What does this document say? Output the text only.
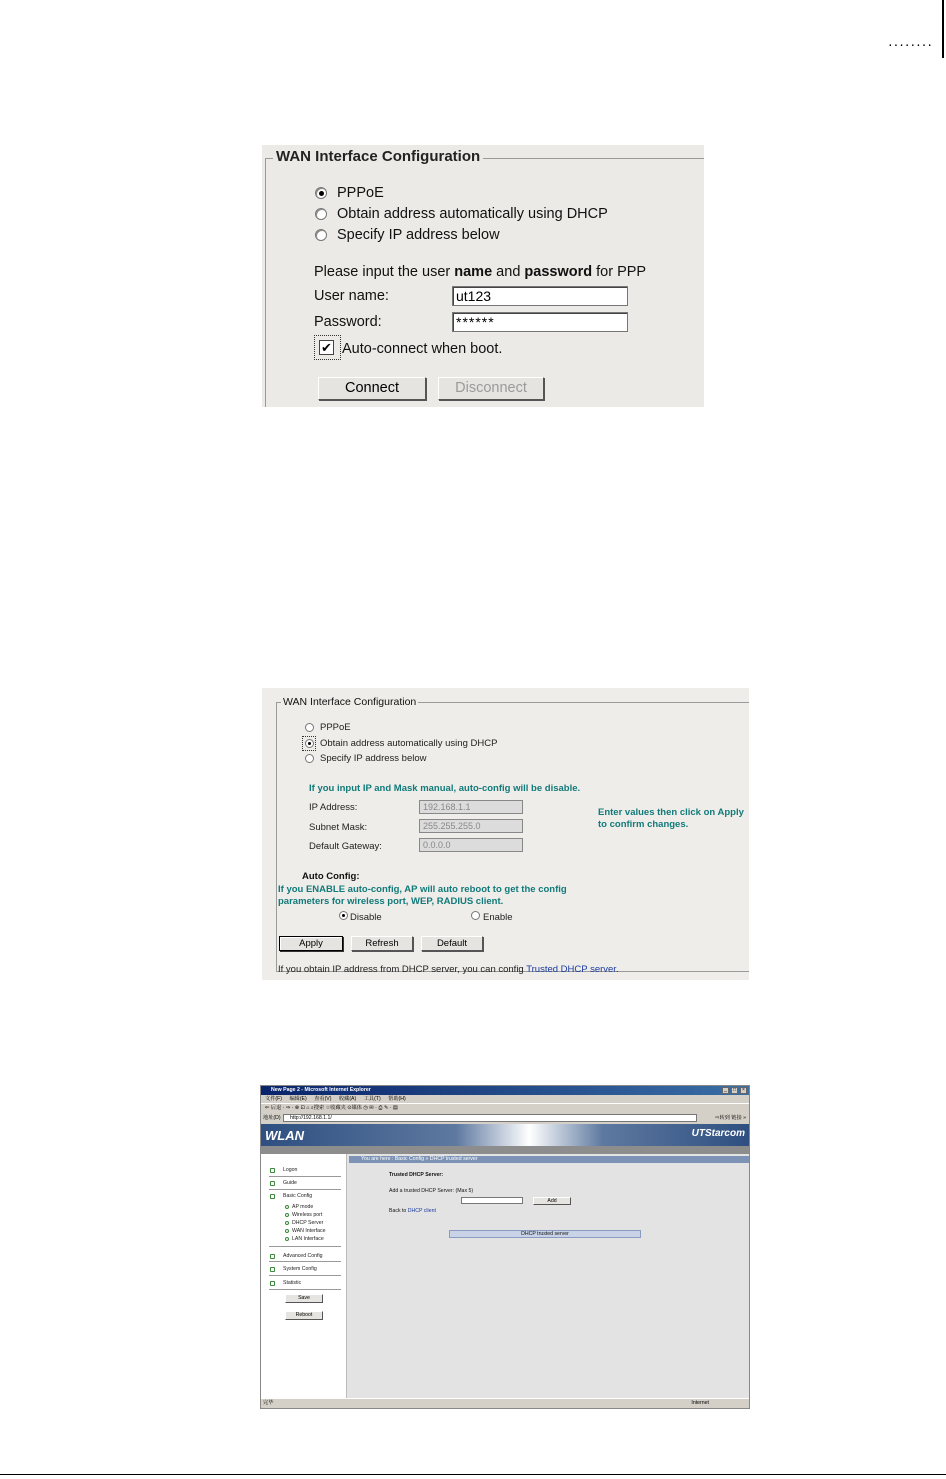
........
WAN Interface Configuration
PPPoE
Obtain address automatically using DHCP
Specify IP address below
Please input the user name and password for PPP
User name:	ut123
Password:	******
✔ Auto-connect when boot.
Connect	Disconnect
WAN Interface Configuration
PPPoE
Obtain address automatically using DHCP
Specify IP address below
If you input IP and Mask manual, auto-config will be disable.
IP Address:	192.168.1.1
Subnet Mask:	255.255.255.0
Default Gateway:	0.0.0.0
Enter values then click on Apply
to confirm changes.
Auto Config:
If you ENABLE auto-config, AP will auto reboot to get the config
parameters for wireless port, WEP, RADIUS client.
Disable	Enable
Apply	Refresh	Default
If you obtain IP address from DHCP server, you can config Trusted DHCP server.
New Page 2 - Microsoft Internet Explorer	_	□	×
文件(F) 编辑(E) 查看(V) 收藏(A) 工具(T) 帮助(H)
⇐ 后退 · ⇒ · ⊗ ⊡ ⌂ ⌕搜索 ☆收藏夹 ⊙媒体 ◷ ✉ · ⎙ ✎ · ▤
地址(D)	http://192.168.1.1/	⇨转到 链接 »
WLAN	UTStarcom
Logon
Guide
Basic Config
AP mode
Wireless port
DHCP Server
WAN Interface
LAN Interface
Advanced Config
System Config
Statistic
Save
Reboot
You are here : Basic Config » DHCP trusted server
Trusted DHCP Server:
Add a trusted DHCP Server: (Max 5)
Add
Back to DHCP client
DHCP trusted server
完毕	Internet
